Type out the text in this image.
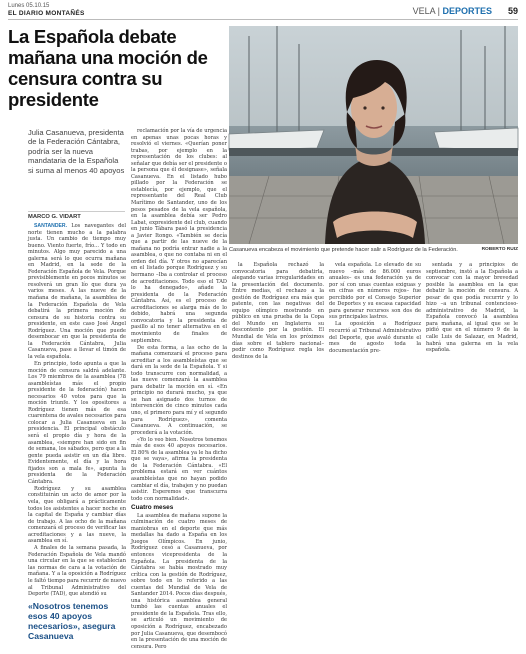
Lunes 05.10.15
EL DIARIO MONTAÑÉS	VELA | DEPORTES 59
La Española debate mañana una moción de censura contra su presidente
Casanueva encabeza el movimiento que pretende hacer salir a Rodríguez de la Federación.	ROBERTO RUIZ
Julia Casanueva, presidenta de la Federación Cántabra, podría ser la nueva mandataria de la Española si suma al menos 40 apoyos
MARCO G. VIDART

SANTANDER. Los navegantes del norte tienen mucho a la palabra justa. Un cambio de tiempo muy bueno. Viento fuerte, frío... Y todo en minutos. Algo muy parecido a una galerna será lo que ocurra mañana en Madrid, en la sede de la Federación Española de Vela. Porque previsiblemente en pocos minutos se resolverá un gran lío que dura ya varios meses. A las nueve de la mañana de mañana, la asamblea de la Federación Española de Vela debatirá la primera moción de censura de su historia contra su presidente, en este caso José Ángel Rodríguez. Una moción que puede desembocar en que la presidenta de la Federación Cántabra, Julia Casanueva, pase a llevar el timón de la vela española.

En principio, todo apunta a que la moción de censura saldrá adelante. Los 79 miembros de la asamblea (78 asambleístas más el propio presidente de la federación) hacen necesarios 40 votos para que la moción triunfe. Y los opositores a Rodríguez tienen más de esa cuarentena de avales necesarios para colocar a Julia Casanueva en la presidencia. El principal obstáculo será el propio día y hora de la asamblea, «siempre han sido en fin de semana, los sábados, pero que a la gente pueda asistir en un día libre. Evidentemente, el día y la hora fijados son a mala fe», apunta la presidenta de la Federación Cántabra.

Rodríguez y su asamblea constituirán un acto de amor por la vela, que obligará a prácticamente todos los asistentes a hacer noche en la capital de España y cambiar días de trabajo. A las ocho de la mañana comenzará el proceso de verificar las acreditaciones y a las nueve, la asamblea en sí.

A finales de la semana pasada, la Federación Española de Vela mandó una circular en la que se establecían las normas de cara a la votación de mañana. Y a la oposición a Rodríguez le faltó tiempo para recurrir de nuevo al Tribunal Administrativo del Deporte (TAD), que atendió su

«Nosotros tenemos esos 40 apoyos necesarios», asegura Casanueva

reclamación por la vía de urgencia en apenas unas pocas horas y resolvió el viernes. «Querían poner trabas, por ejemplo en la representación de los clubes: al señalar que debía ser el presidente o la persona que él designase», señala Casanueva. En el listado hubo pillado por la Federación se establecía, por ejemplo, que el representante del Real Club Marítimo de Santander, uno de los pesos pesados de la vela española, en la asamblea debía ser Pedro Labat, expresidente del club, cuando en junio Tábara pasó la presidencia a Javier Itongo. «También se decía que a partir de las nueve de la mañana no podría entrar nadie a la asamblea, o que no contaba ni en el orden del día. Y otros no aparecían en el listado porque Rodríguez y su hermano –Iba a controlar el proceso de acreditaciones. Todo eso el TAD lo ha denegado», añade la presidenta de la Federación Cántabra. Así, es el proceso de acreditaciones se alarga más de lo debido, habrá una segunda convocatoria y la presidenta de pasillo al no tener alternativa en el movimiento de finales de septiembre.

De esta forma, a las ocho de la mañana comenzará el proceso para acreditar a los asambleístas que se dará en la sede de la Española. Y si todo transcurre con normalidad, a las nueve comenzará la asamblea para debatir la moción en sí. «En principio no durará mucho, ya que se han asignado dos turnos de intervención de cinco minutos cada uno, el primero para mí y el segundo para Rodríguez», comenta Casanueva. A continuación, se procederá a la votación.

«Yo lo veo bien. Nosotros tenemos más de esos 40 apoyos necesarios. El 80% de la asamblea ya le ha dicho que se vaya», afirma la presidenta de la Federación Cántabra. «El problema estará en ver cuántos asambleístas que no hayan podido cambiar el día, trabajen y no puedan asistir. Esperemos que transcurra todo con normalidad».

Cuatro meses

La asamblea de mañana supone la culminación de cuatro meses de maniobras en el deporte que más medallas ha dado a España en los Juegos Olímpicos. En junio, Rodríguez cesó a Casanueva, por entonces vicepresidenta de la Española. La presidenta de la Cántabra se había mostrado muy crítica con la gestión de Rodríguez, sobre todo en lo referido a las cuentas del Mundial de Vela de Santander 2014. Pocos días después, una histórica asamblea general tumbó las cuentas anuales el presidente de la Española. Tras ello, se articuló un movimiento de oposición a Rodríguez, encabezado por Julia Casanueva, que desembocó en la presentación de una moción de censura. Pero

la Española rechazó la convocatoria para debatirla, alegando varias irregularidades en la presentación del documento. Entre medias, el rechazo a la gestión de Rodríguez era más que patente, con las negativas del equipo olímpico mostrando en público en una prueba de la Copa del Mundo en Inglaterra su descontento por la gestión. El Mundial de Vela en los próximos días sobre el tablero nacional–pedir como Rodríguez regla los destinos de la

vela española. Lo elevado de su nuevo –más de 86.000 euros anuales– es una federación ya de por sí con unas cuentas exiguas y en cifras en números rojos– fue percibido por el Consejo Superior de Deportes y su escasa capacidad para generar recursos son dos de sus principales lastres.

La oposición a Rodríguez recurrió al Tribunal Administrativo del Deporte, que avaló durante el mes de agosto toda la documentación pre-

sentada y a principios de septiembre, instó a la Española a convocar con la mayor brevedad posible la asamblea en la que debatir la moción de censura. A pesar de que podía recurrir y lo hizo –a un tribunal contencioso-administrativo de Madrid, la Española convocó la asamblea para mañana, al igual que se le pidió que en el número 9 de la calle Luis de Salazar, en Madrid, habrá una galerna en la vela española.
